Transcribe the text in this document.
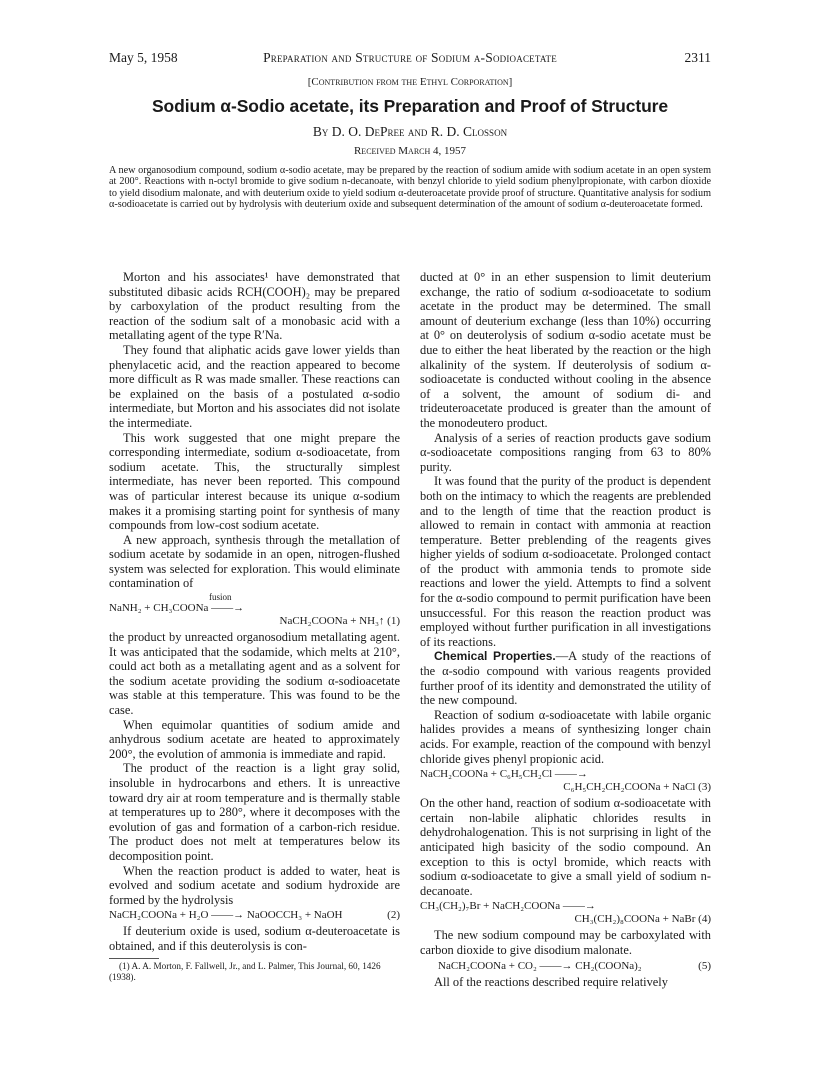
May 5, 1958	Preparation and Structure of Sodium α-Sodioacetate	2311
[Contribution from the Ethyl Corporation]
Sodium α-Sodio acetate, its Preparation and Proof of Structure
By D. O. DePree and R. D. Closson
Received March 4, 1957
A new organosodium compound, sodium α-sodio acetate, may be prepared by the reaction of sodium amide with sodium acetate in an open system at 200°. Reactions with n-octyl bromide to give sodium n-decanoate, with benzyl chloride to yield sodium phenylpropionate, with carbon dioxide to yield disodium malonate, and with deuterium oxide to yield sodium α-deuteroacetate provide proof of structure. Quantitative analysis for sodium α-sodioacetate is carried out by hydrolysis with deuterium oxide and subsequent determination of the amount of sodium α-deuteroacetate formed.

Morton and his associates¹ have demonstrated that substituted dibasic acids RCH(COOH)₂ may be prepared by carboxylation of the product resulting from the reaction of the sodium salt of a monobasic acid with a metallating agent of the type R′Na.

They found that aliphatic acids gave lower yields than phenylacetic acid, and the reaction appeared to become more difficult as R was made smaller. These reactions can be explained on the basis of a postulated α-sodio intermediate, but Morton and his associates did not isolate the intermediate.

This work suggested that one might prepare the corresponding intermediate, sodium α-sodioacetate, from sodium acetate. This, the structurally simplest intermediate, has never been reported. This compound was of particular interest because its unique α-sodium makes it a promising starting point for synthesis of many compounds from low-cost sodium acetate.

A new approach, synthesis through the metallation of sodium acetate by sodamide in an open, nitrogen-flushed system was selected for exploration. This would eliminate contamination of

fusion
NaNH₂ + CH₃COONa ——→
NaCH₂COONa + NH₃↑ (1)

the product by unreacted organosodium metallating agent. It was anticipated that the sodamide, which melts at 210°, could act both as a metallating agent and as a solvent for the sodium acetate providing the sodium α-sodioacetate was stable at this temperature. This was found to be the case.

When equimolar quantities of sodium amide and anhydrous sodium acetate are heated to approximately 200°, the evolution of ammonia is immediate and rapid.

The product of the reaction is a light gray solid, insoluble in hydrocarbons and ethers. It is unreactive toward dry air at room temperature and is thermally stable at temperatures up to 280°, where it decomposes with the evolution of gas and formation of a carbon-rich residue. The product does not melt at temperatures below its decomposition point.

When the reaction product is added to water, heat is evolved and sodium acetate and sodium hydroxide are formed by the hydrolysis

NaCH₂COONa + H₂O ——→ NaOOCCH₃ + NaOH	(2)

If deuterium oxide is used, sodium α-deuteroacetate is obtained, and if this deuterolysis is con-

(1) A. A. Morton, F. Fallwell, Jr., and L. Palmer, This Journal, 60, 1426 (1938).

ducted at 0° in an ether suspension to limit deuterium exchange, the ratio of sodium α-sodioacetate to sodium acetate in the product may be determined. The small amount of deuterium exchange (less than 10%) occurring at 0° on deuterolysis of sodium α-sodio acetate must be due to either the heat liberated by the reaction or the high alkalinity of the system. If deuterolysis of sodium α-sodioacetate is conducted without cooling in the absence of a solvent, the amount of sodium di- and trideuteroacetate produced is greater than the amount of the monodeutero product.

Analysis of a series of reaction products gave sodium α-sodioacetate compositions ranging from 63 to 80% purity.

It was found that the purity of the product is dependent both on the intimacy to which the reagents are preblended and to the length of time that the reaction product is allowed to remain in contact with ammonia at reaction temperature. Better preblending of the reagents gives higher yields of sodium α-sodioacetate. Prolonged contact of the product with ammonia tends to promote side reactions and lower the yield. Attempts to find a solvent for the α-sodio compound to permit purification have been unsuccessful. For this reason the reaction product was employed without further purification in all investigations of its reactions.

Chemical Properties.—A study of the reactions of the α-sodio compound with various reagents provided further proof of its identity and demonstrated the utility of the new compound.

Reaction of sodium α-sodioacetate with labile organic halides provides a means of synthesizing longer chain acids. For example, reaction of the compound with benzyl chloride gives phenyl propionic acid.

NaCH₂COONa + C₆H₅CH₂Cl ——→
C₆H₅CH₂CH₂COONa + NaCl (3)

On the other hand, reaction of sodium α-sodioacetate with certain non-labile aliphatic chlorides results in dehydrohalogenation. This is not surprising in light of the anticipated high basicity of the sodio compound. An exception to this is octyl bromide, which reacts with sodium α-sodioacetate to give a small yield of sodium n-decanoate.

CH₃(CH₂)₇Br + NaCH₂COONa ——→
CH₃(CH₂)₈COONa + NaBr (4)

The new sodium compound may be carboxylated with carbon dioxide to give disodium malonate.

NaCH₂COONa + CO₂ ——→ CH₂(COONa)₂	(5)

All of the reactions described require relatively
